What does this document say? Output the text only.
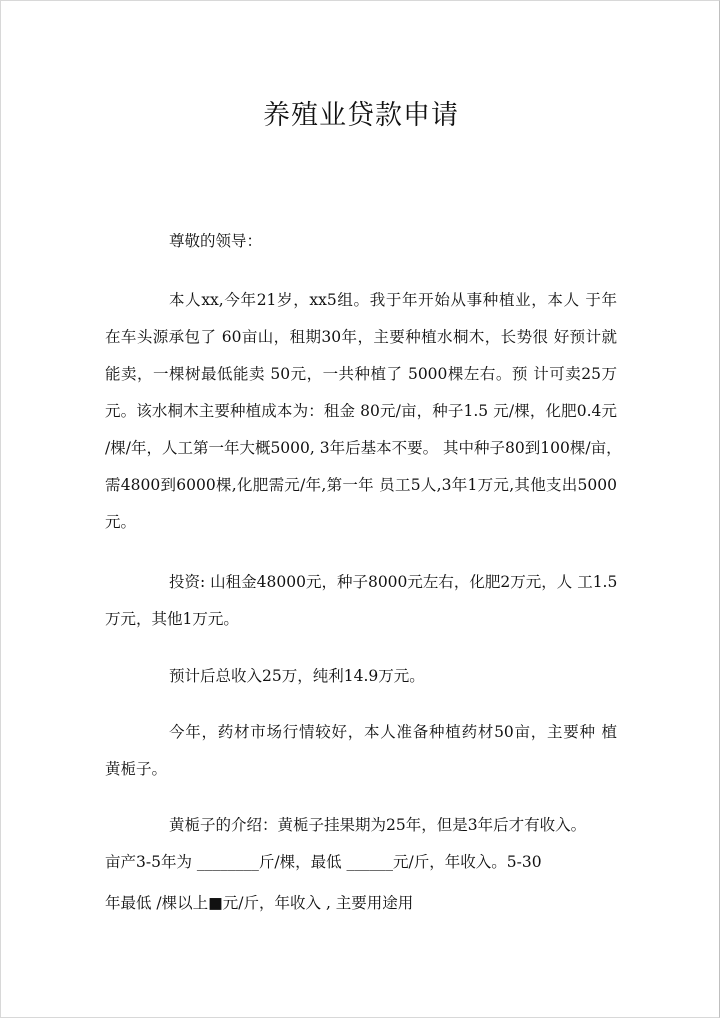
养殖业贷款申请
尊敬的领导：
本人xx,今年21岁，xx5组。我于年开始从事种植业，本人 于年
在车头源承包了 60亩山，租期30年，主要种植水桐木，长势很 好预计就
能卖，一棵树最低能卖 50元，一共种植了 5000棵左右。预 计可卖25万
元。该水桐木主要种植成本为：租金 80元/亩，种子1.5 元/棵，化肥0.4元
/棵/年，人工第一年大概5000, 3年后基本不要。 其中种子80到100棵/亩，
需4800到6000棵,化肥需元/年,第一年 员工5人,3年1万元,其他支出5000
元。
投资: 山租金48000元，种子8000元左右，化肥2万元，人 工1.5
万元，其他1万元。
预计后总收入25万，纯利14.9万元。
今年，药材市场行情较好，本人准备种植药材50亩，主要种 植
黄栀子。
黄栀子的介绍：黄栀子挂果期为25年，但是3年后才有收入。
亩产3-5年为 ________斤/棵，最低 ______元/斤，年收入。5-30
年最低 /棵以上■元/斤，年收入 , 主要用途用
